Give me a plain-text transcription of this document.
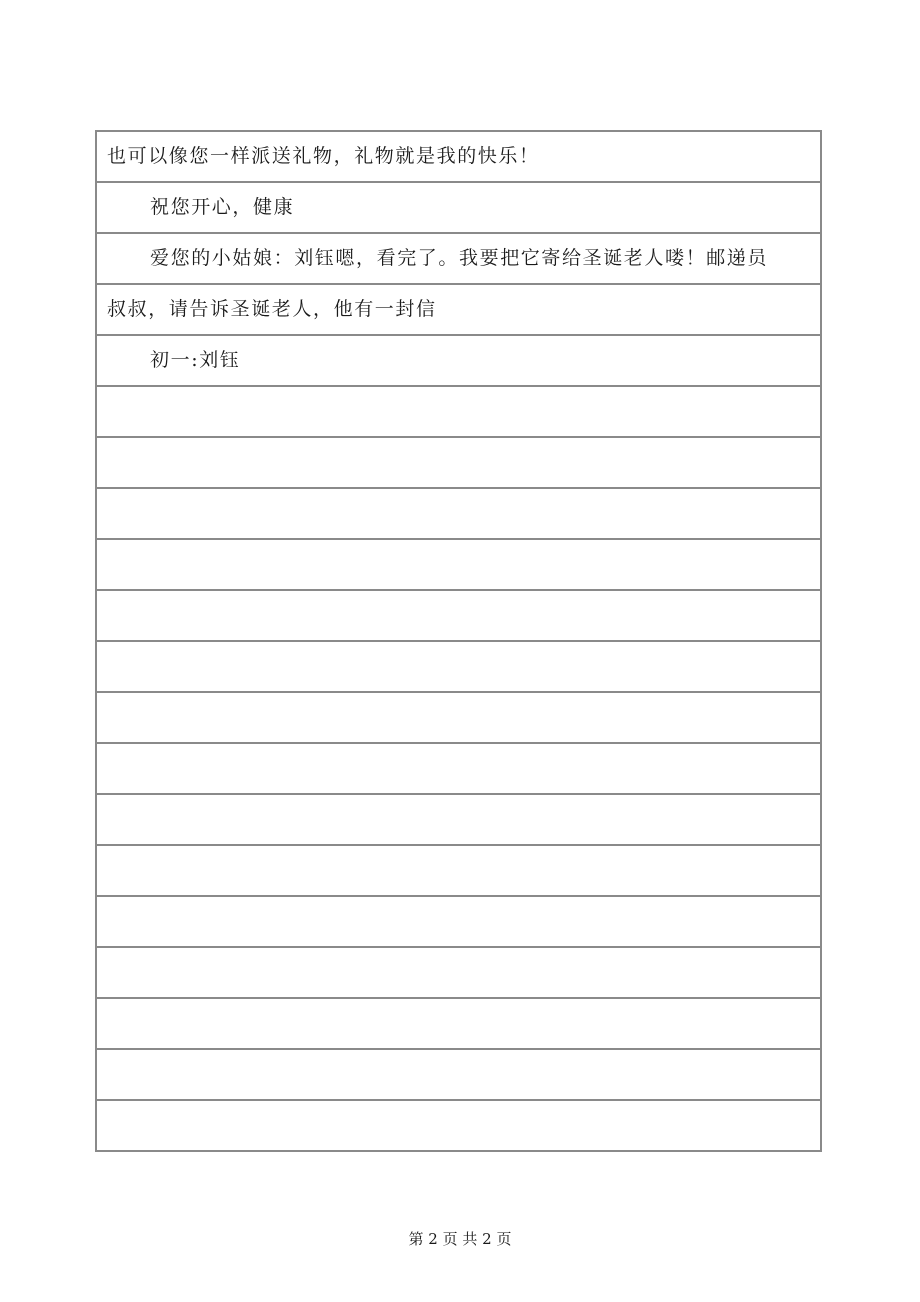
也可以像您一样派送礼物，礼物就是我的快乐！
祝您开心，健康
爱您的小姑娘：刘钰嗯，看完了。我要把它寄给圣诞老人喽！邮递员
叔叔，请告诉圣诞老人，他有一封信
初一:刘钰
第 2 页 共 2 页
